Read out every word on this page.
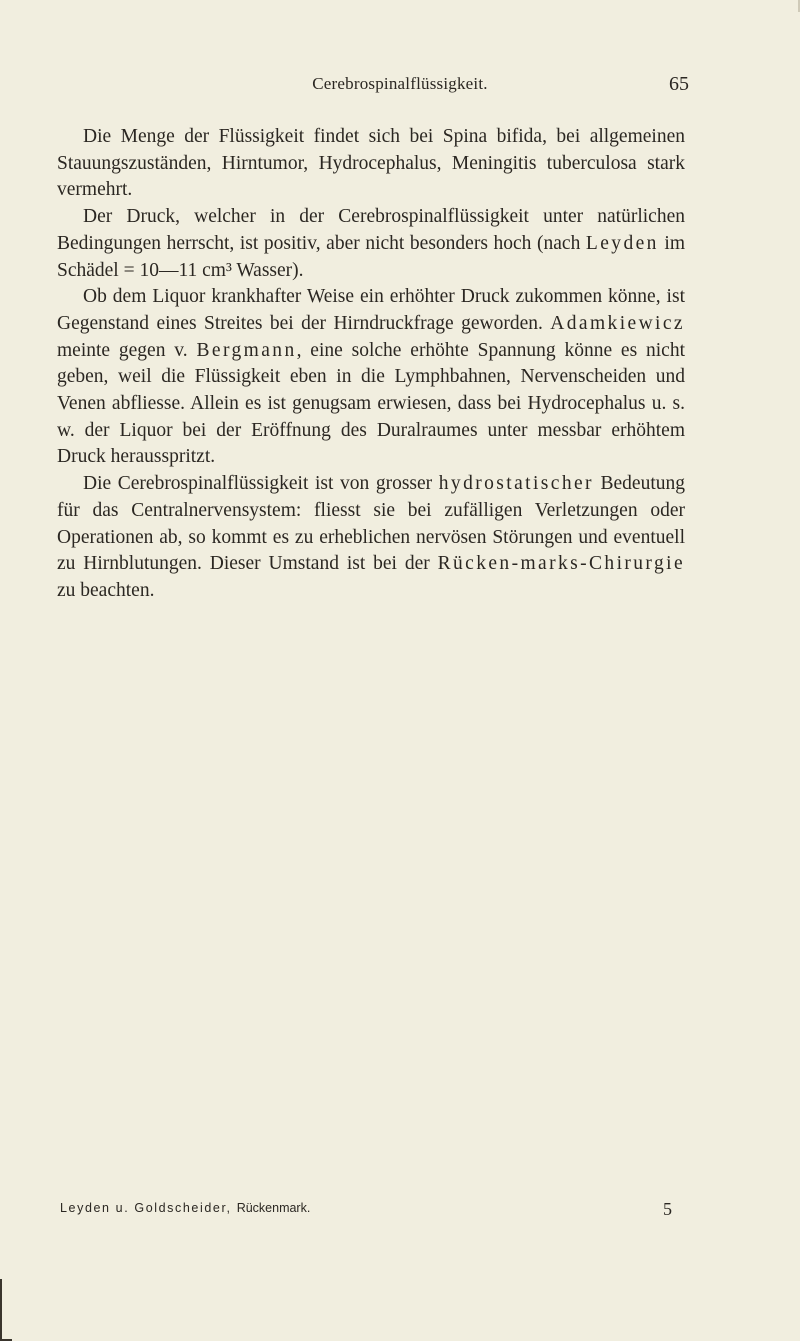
Cerebrospinalflüssigkeit.	65

Die Menge der Flüssigkeit findet sich bei Spina bifida, bei allgemeinen Stauungszuständen, Hirntumor, Hydrocephalus, Meningitis tuberculosa stark vermehrt.

Der Druck, welcher in der Cerebrospinalflüssigkeit unter natürlichen Bedingungen herrscht, ist positiv, aber nicht besonders hoch (nach Leyden im Schädel = 10—11 cm³ Wasser).

Ob dem Liquor krankhafter Weise ein erhöhter Druck zukommen könne, ist Gegenstand eines Streites bei der Hirndruckfrage geworden. Adamkiewicz meinte gegen v. Bergmann, eine solche erhöhte Spannung könne es nicht geben, weil die Flüssigkeit eben in die Lymphbahnen, Nervenscheiden und Venen abfliesse. Allein es ist genugsam erwiesen, dass bei Hydrocephalus u. s. w. der Liquor bei der Eröffnung des Duralraumes unter messbar erhöhtem Druck herausspritzt.

Die Cerebrospinalflüssigkeit ist von grosser hydrostatischer Bedeutung für das Centralnervensystem: fliesst sie bei zufälligen Verletzungen oder Operationen ab, so kommt es zu erheblichen nervösen Störungen und eventuell zu Hirnblutungen. Dieser Umstand ist bei der Rücken-marks-Chirurgie zu beachten.

Leyden u. Goldscheider, Rückenmark.	5
